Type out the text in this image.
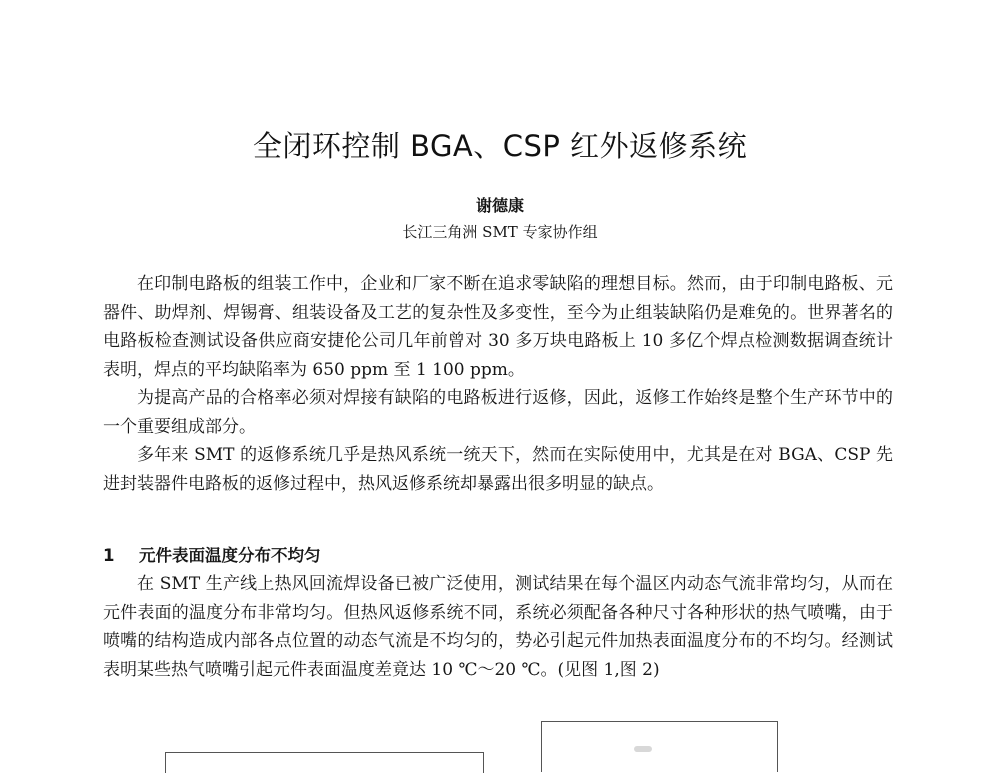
全闭环控制 BGA、CSP 红外返修系统
谢德康
长江三角洲 SMT 专家协作组

在印制电路板的组装工作中，企业和厂家不断在追求零缺陷的理想目标。然而，由于印制电路板、元器件、助焊剂、焊锡膏、组装设备及工艺的复杂性及多变性，至今为止组装缺陷仍是难免的。世界著名的电路板检查测试设备供应商安捷伦公司几年前曾对 30 多万块电路板上 10 多亿个焊点检测数据调查统计表明，焊点的平均缺陷率为 650 ppm 至 1 100 ppm。

为提高产品的合格率必须对焊接有缺陷的电路板进行返修，因此，返修工作始终是整个生产环节中的一个重要组成部分。

多年来 SMT 的返修系统几乎是热风系统一统天下，然而在实际使用中，尤其是在对 BGA、CSP 先进封装器件电路板的返修过程中，热风返修系统却暴露出很多明显的缺点。

1 元件表面温度分布不均匀

在 SMT 生产线上热风回流焊设备已被广泛使用，测试结果在每个温区内动态气流非常均匀，从而在元件表面的温度分布非常均匀。但热风返修系统不同，系统必须配备各种尺寸各种形状的热气喷嘴，由于喷嘴的结构造成内部各点位置的动态气流是不均匀的，势必引起元件加热表面温度分布的不均匀。经测试表明某些热气喷嘴引起元件表面温度差竟达 10 ℃～20 ℃。(见图 1,图 2)
